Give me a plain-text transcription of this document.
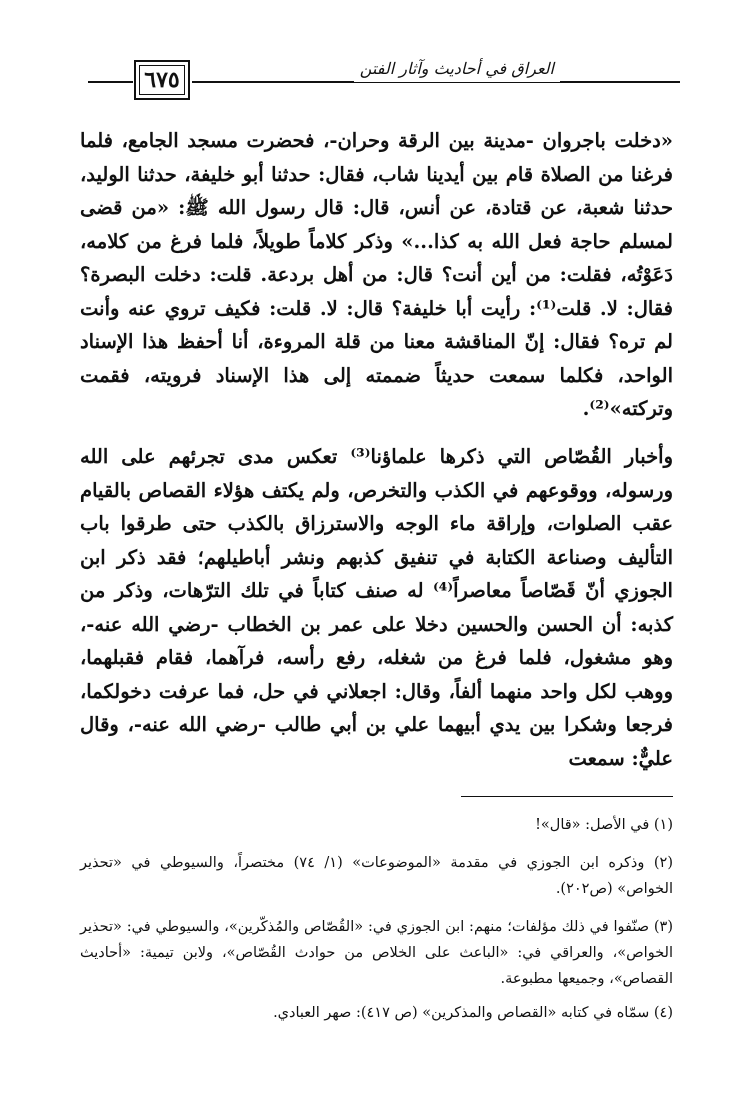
٦٧٥	العراق في أحاديث وآثار الفتن

«دخلت باجروان -مدينة بين الرقة وحران-، فحضرت مسجد الجامع، فلما فرغنا من الصلاة قام بين أيدينا شاب، فقال: حدثنا أبو خليفة، حدثنا الوليد، حدثنا شعبة، عن قتادة، عن أنس، قال: قال رسول الله ﷺ: «من قضى لمسلم حاجة فعل الله به كذا...» وذكر كلاماً طويلاً، فلما فرغ من كلامه، دَعَوْتُه، فقلت: من أين أنت؟ قال: من أهل بردعة. قلت: دخلت البصرة؟ فقال: لا. قلت⁽¹⁾: رأيت أبا خليفة؟ قال: لا. قلت: فكيف تروي عنه وأنت لم تره؟ فقال: إنّ المناقشة معنا من قلة المروءة، أنا أحفظ هذا الإسناد الواحد، فكلما سمعت حديثاً ضممته إلى هذا الإسناد فرويته، فقمت وتركته»⁽²⁾.

وأخبار القُصّاص التي ذكرها علماؤنا⁽³⁾ تعكس مدى تجرئهم على الله ورسوله، ووقوعهم في الكذب والتخرص، ولم يكتف هؤلاء القصاص بالقيام عقب الصلوات، وإراقة ماء الوجه والاسترزاق بالكذب حتى طرقوا باب التأليف وصناعة الكتابة في تنفيق كذبهم ونشر أباطيلهم؛ فقد ذكر ابن الجوزي أنّ قَصّاصاً معاصراً⁽⁴⁾ له صنف كتاباً في تلك الترّهات، وذكر من كذبه: أن الحسن والحسين دخلا على عمر بن الخطاب -رضي الله عنه-، وهو مشغول، فلما فرغ من شغله، رفع رأسه، فرآهما، فقام فقبلهما، ووهب لكل واحد منهما ألفاً، وقال: اجعلاني في حل، فما عرفت دخولكما، فرجعا وشكرا بين يدي أبيهما علي بن أبي طالب -رضي الله عنه-، وقال عليٌّ: سمعت

(١) في الأصل: «قال»!

(٢) وذكره ابن الجوزي في مقدمة «الموضوعات» (١/ ٧٤) مختصراً، والسيوطي في «تحذير الخواص» (ص٢٠٢).

(٣) صنّفوا في ذلك مؤلفات؛ منهم: ابن الجوزي في: «القُصّاص والمُذكّرين»، والسيوطي في: «تحذير الخواص»، والعراقي في: «الباعث على الخلاص من حوادث القُصّاص»، ولابن تيمية: «أحاديث القصاص»، وجميعها مطبوعة.

(٤) سمّاه في كتابه «القصاص والمذكرين» (ص ٤١٧): صهر العبادي.
